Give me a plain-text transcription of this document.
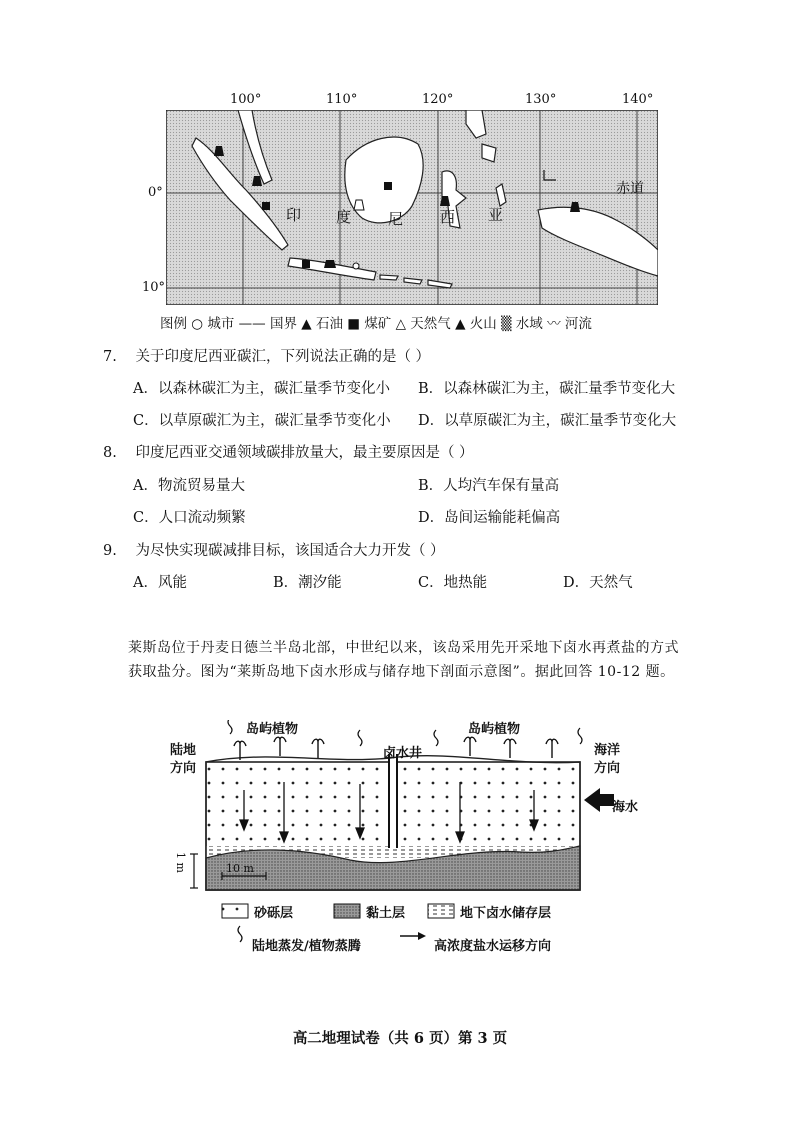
100°	110°	120°	130°	140°
0°
10°
赤道
印 度 尼 西 亚
图例 ○ 城市 —— 国界 ▲ 石油 ■ 煤矿 △ 天然气 ▲ 火山 ▒ 水域 〰 河流
7. 关于印度尼西亚碳汇，下列说法正确的是（ ）
A．以森林碳汇为主，碳汇量季节变化小 B．以森林碳汇为主，碳汇量季节变化大
C．以草原碳汇为主，碳汇量季节变化小 D．以草原碳汇为主，碳汇量季节变化大
8. 印度尼西亚交通领域碳排放量大，最主要原因是（ ）
A．物流贸易量大	B．人均汽车保有量高
C．人口流动频繁	D．岛间运输能耗偏高
9. 为尽快实现碳减排目标，该国适合大力开发（ ）
A．风能	B．潮汐能	C．地热能	D．天然气
莱斯岛位于丹麦日德兰半岛北部，中世纪以来，该岛采用先开采地下卤水再煮盐的方式获取盐分。图为“莱斯岛地下卤水形成与储存地下剖面示意图”。据此回答 10-12 题。
岛屿植物	岛屿植物
陆地
方向
海洋
方向
卤水井
海水
10 m
1 m
砂砾层	黏土层	地下卤水储存层
陆地蒸发/植物蒸腾	高浓度盐水运移方向
高二地理试卷（共 6 页）第 3 页
